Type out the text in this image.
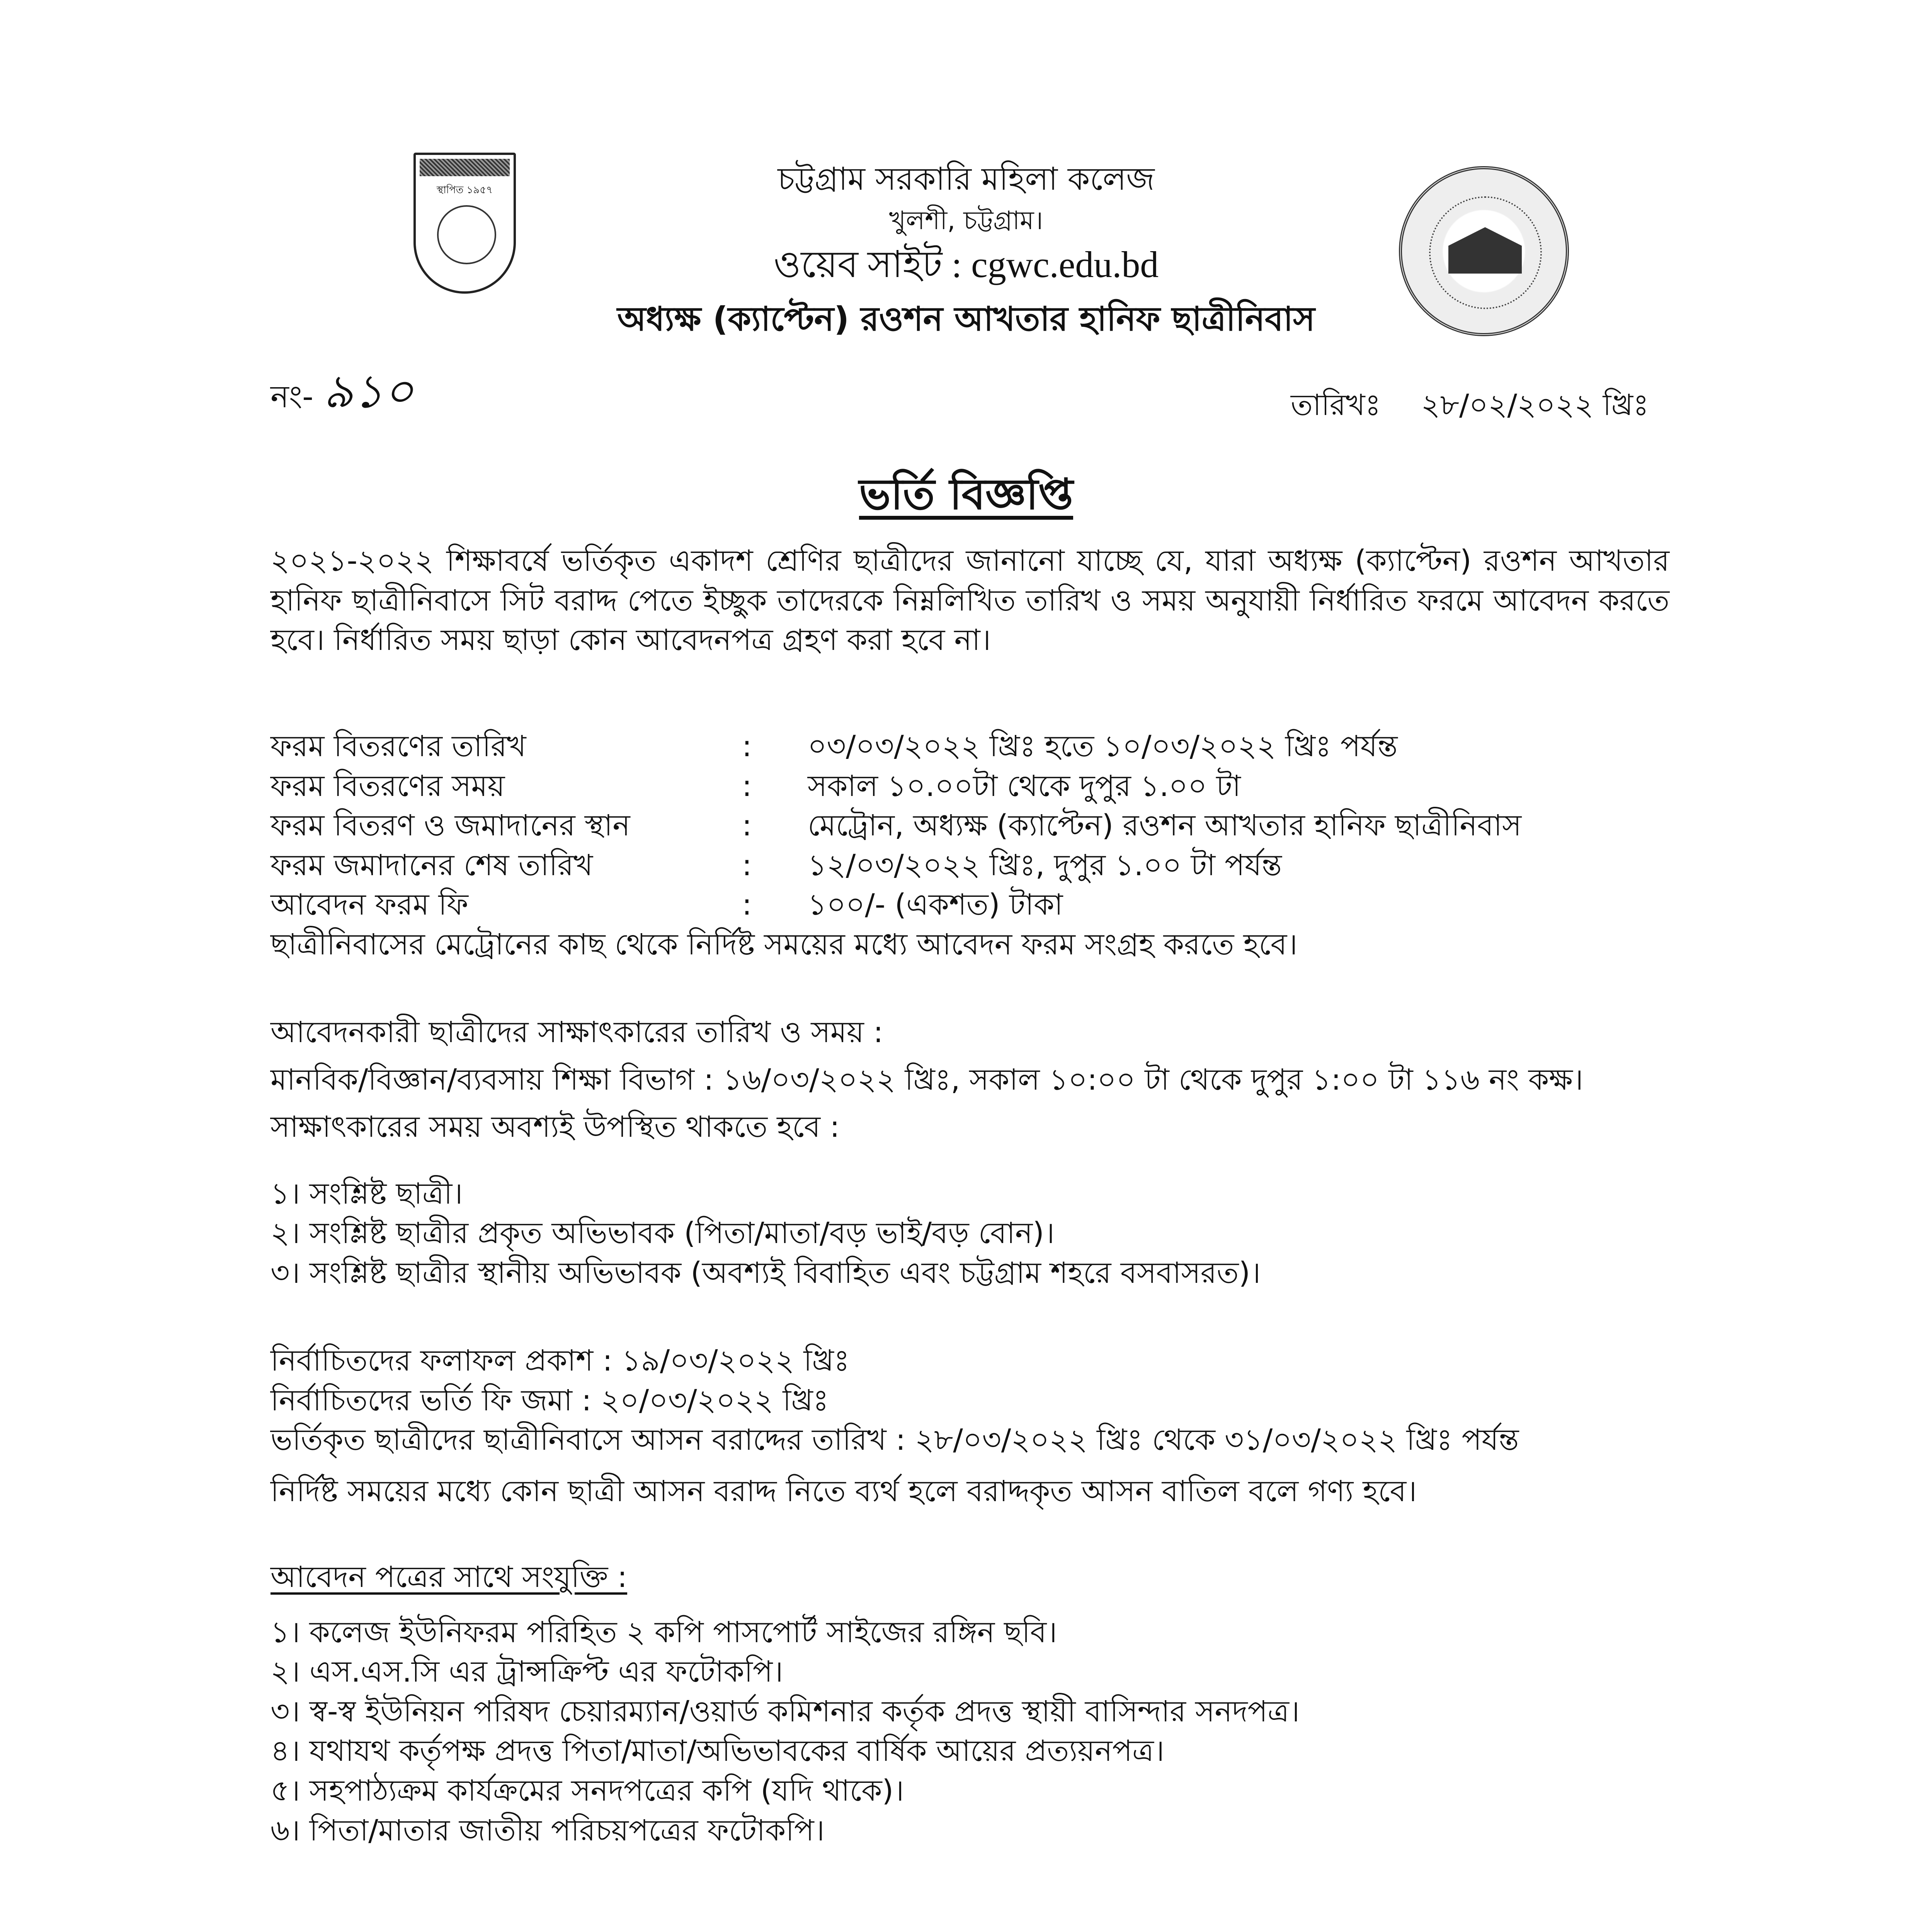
স্থাপিত ১৯৫৭	চট্টগ্রাম সরকারি মহিলা কলেজ
খুলশী, চট্টগ্রাম।
ওয়েব সাইট : cgwc.edu.bd
অধ্যক্ষ (ক্যাপ্টেন) রওশন আখতার হানিফ ছাত্রীনিবাস
নং- ৯১০	তারিখঃ ২৮/০২/২০২২ খ্রিঃ
ভর্তি বিজ্ঞপ্তি
২০২১-২০২২ শিক্ষাবর্ষে ভর্তিকৃত একাদশ শ্রেণির ছাত্রীদের জানানো যাচ্ছে যে, যারা অধ্যক্ষ (ক্যাপ্টেন) রওশন আখতার হানিফ ছাত্রীনিবাসে সিট বরাদ্দ পেতে ইচ্ছুক তাদেরকে নিম্নলিখিত তারিখ ও সময় অনুযায়ী নির্ধারিত ফরমে আবেদন করতে হবে। নির্ধারিত সময় ছাড়া কোন আবেদনপত্র গ্রহণ করা হবে না।
ফরম বিতরণের তারিখ	:	০৩/০৩/২০২২ খ্রিঃ হতে ১০/০৩/২০২২ খ্রিঃ পর্যন্ত
ফরম বিতরণের সময়	:	সকাল ১০.০০টা থেকে দুপুর ১.০০ টা
ফরম বিতরণ ও জমাদানের স্থান	:	মেট্রোন, অধ্যক্ষ (ক্যাপ্টেন) রওশন আখতার হানিফ ছাত্রীনিবাস
ফরম জমাদানের শেষ তারিখ	:	১২/০৩/২০২২ খ্রিঃ, দুপুর ১.০০ টা পর্যন্ত
আবেদন ফরম ফি	:	১০০/- (একশত) টাকা
ছাত্রীনিবাসের মেট্রোনের কাছ থেকে নির্দিষ্ট সময়ের মধ্যে আবেদন ফরম সংগ্রহ করতে হবে।
আবেদনকারী ছাত্রীদের সাক্ষাৎকারের তারিখ ও সময় :
মানবিক/বিজ্ঞান/ব্যবসায় শিক্ষা বিভাগ : ১৬/০৩/২০২২ খ্রিঃ, সকাল ১০:০০ টা থেকে দুপুর ১:০০ টা ১১৬ নং কক্ষ।
সাক্ষাৎকারের সময় অবশ্যই উপস্থিত থাকতে হবে :
১। সংশ্লিষ্ট ছাত্রী।
২। সংশ্লিষ্ট ছাত্রীর প্রকৃত অভিভাবক (পিতা/মাতা/বড় ভাই/বড় বোন)।
৩। সংশ্লিষ্ট ছাত্রীর স্থানীয় অভিভাবক (অবশ্যই বিবাহিত এবং চট্টগ্রাম শহরে বসবাসরত)।
নির্বাচিতদের ফলাফল প্রকাশ : ১৯/০৩/২০২২ খ্রিঃ
নির্বাচিতদের ভর্তি ফি জমা : ২০/০৩/২০২২ খ্রিঃ
ভর্তিকৃত ছাত্রীদের ছাত্রীনিবাসে আসন বরাদ্দের তারিখ : ২৮/০৩/২০২২ খ্রিঃ থেকে ৩১/০৩/২০২২ খ্রিঃ পর্যন্ত
নির্দিষ্ট সময়ের মধ্যে কোন ছাত্রী আসন বরাদ্দ নিতে ব্যর্থ হলে বরাদ্দকৃত আসন বাতিল বলে গণ্য হবে।
আবেদন পত্রের সাথে সংযুক্তি :
১। কলেজ ইউনিফরম পরিহিত ২ কপি পাসপোর্ট সাইজের রঙ্গিন ছবি।
২। এস.এস.সি এর ট্রান্সক্রিপ্ট এর ফটোকপি।
৩। স্ব-স্ব ইউনিয়ন পরিষদ চেয়ারম্যান/ওয়ার্ড কমিশনার কর্তৃক প্রদত্ত স্থায়ী বাসিন্দার সনদপত্র।
৪। যথাযথ কর্তৃপক্ষ প্রদত্ত পিতা/মাতা/অভিভাবকের বার্ষিক আয়ের প্রত্যয়নপত্র।
৫। সহপাঠ্যক্রম কার্যক্রমের সনদপত্রের কপি (যদি থাকে)।
৬। পিতা/মাতার জাতীয় পরিচয়পত্রের ফটোকপি।
